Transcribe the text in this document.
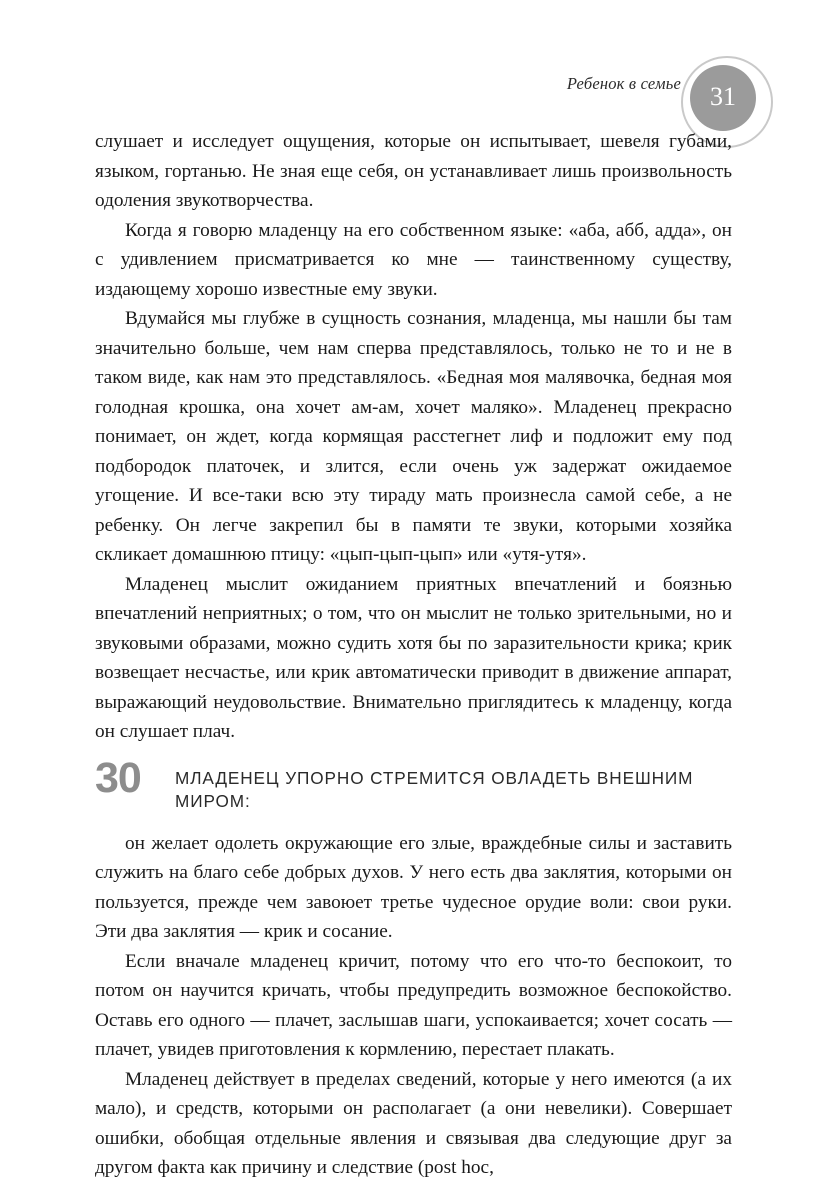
Ребенок в семье 31

слушает и исследует ощущения, которые он испытывает, шевеля губами, языком, гортанью. Не зная еще себя, он устанавливает лишь произвольность одоления звукотворчества.

Когда я говорю младенцу на его собственном языке: «аба, абб, адда», он с удивлением присматривается ко мне — таинственному существу, издающему хорошо известные ему звуки.

Вдумайся мы глубже в сущность сознания, младенца, мы нашли бы там значительно больше, чем нам сперва представлялось, только не то и не в таком виде, как нам это представлялось. «Бедная моя малявочка, бедная моя голодная крошка, она хочет ам-ам, хочет маляко». Младенец прекрасно понимает, он ждет, когда кормящая расстегнет лиф и подложит ему под подбородок платочек, и злится, если очень уж задержат ожидаемое угощение. И все-таки всю эту тираду мать произнесла самой себе, а не ребенку. Он легче закрепил бы в памяти те звуки, которыми хозяйка скликает домашнюю птицу: «цып-цып-цып» или «утя-утя».

Младенец мыслит ожиданием приятных впечатлений и боязнью впечатлений неприятных; о том, что он мыслит не только зрительными, но и звуковыми образами, можно судить хотя бы по заразительности крика; крик возвещает несчастье, или крик автоматически приводит в движение аппарат, выражающий неудовольствие. Внимательно приглядитесь к младенцу, когда он слушает плач.

30	МЛАДЕНЕЦ УПОРНО СТРЕМИТСЯ ОВЛАДЕТЬ ВНЕШНИМ МИРОМ:

он желает одолеть окружающие его злые, враждебные силы и заставить служить на благо себе добрых духов. У него есть два заклятия, которыми он пользуется, прежде чем завоюет третье чудесное орудие воли: свои руки. Эти два заклятия — крик и сосание.

Если вначале младенец кричит, потому что его что-то беспокоит, то потом он научится кричать, чтобы предупредить возможное беспокойство. Оставь его одного — плачет, заслышав шаги, успокаивается; хочет сосать — плачет, увидев приготовления к кормлению, перестает плакать.

Младенец действует в пределах сведений, которые у него имеются (а их мало), и средств, которыми он располагает (а они невелики). Совершает ошибки, обобщая отдельные явления и связывая два следующие друг за другом факта как причину и следствие (post hoc,
